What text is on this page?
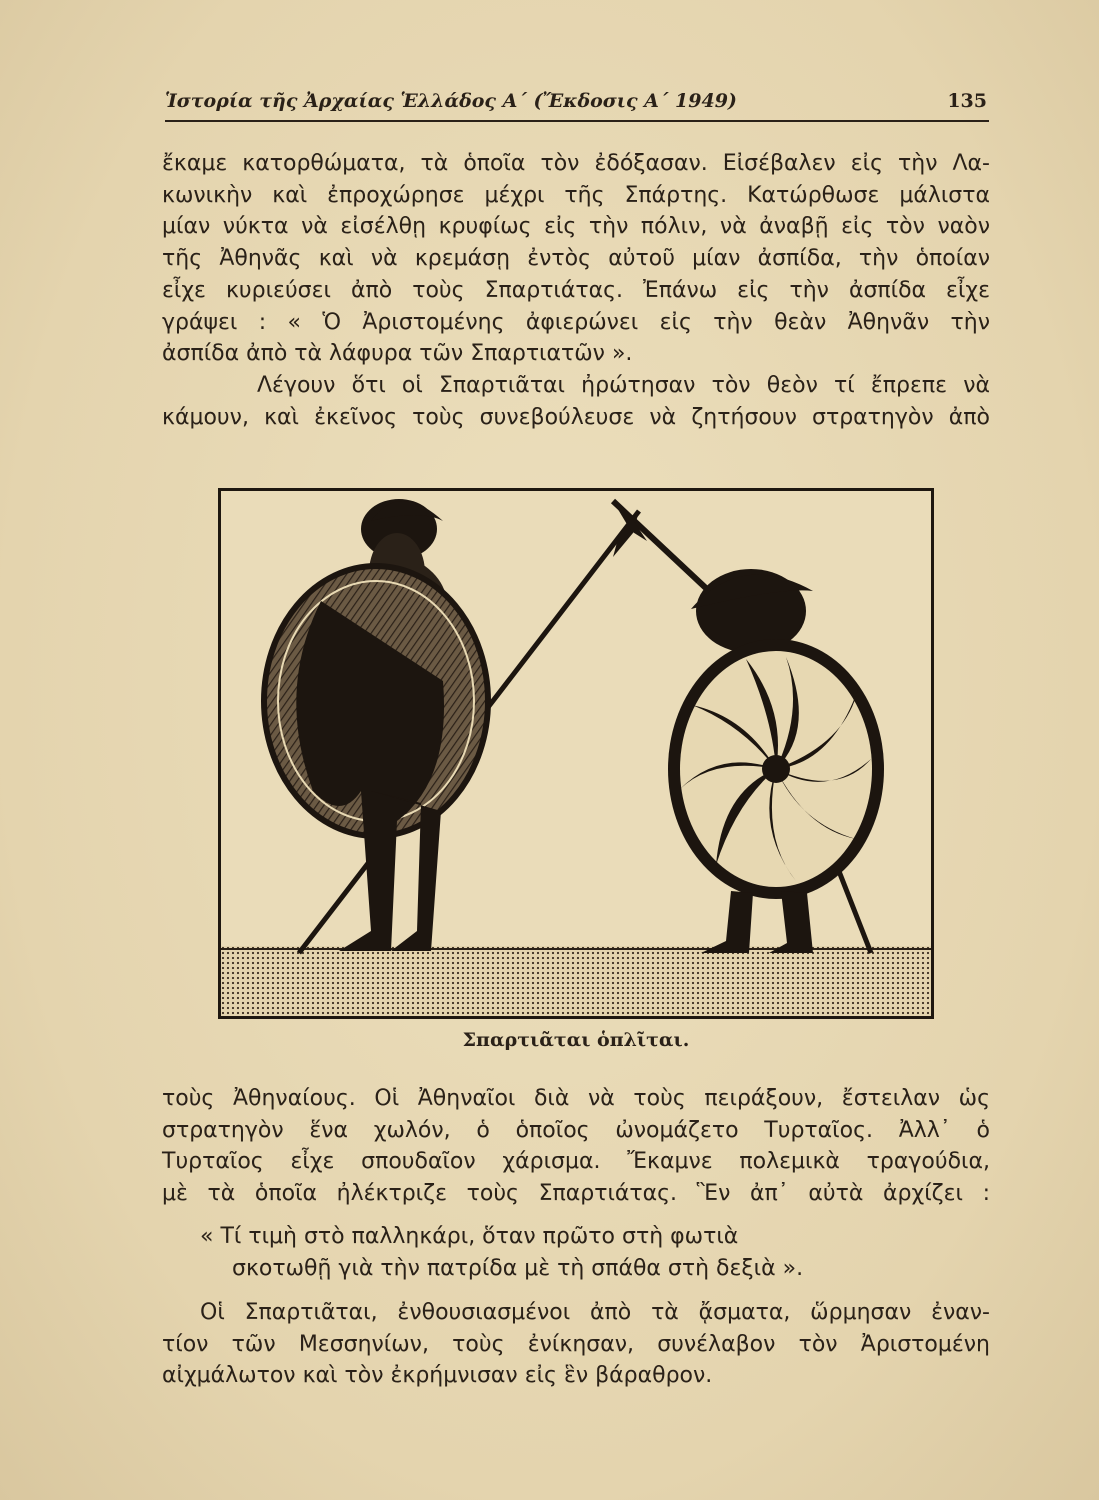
Ἱστορία τῆς Ἀρχαίας Ἑλλάδος Α΄ (Ἔκδοσις Α΄ 1949)	135
ἔκαμε κατορθώματα, τὰ ὁποῖα τὸν ἐδόξασαν. Εἰσέβαλεν εἰς τὴν Λα-
κωνικὴν καὶ ἐπροχώρησε μέχρι τῆς Σπάρτης. Κατώρθωσε μάλιστα
μίαν νύκτα νὰ εἰσέλθῃ κρυφίως εἰς τὴν πόλιν, νὰ ἀναβῇ εἰς τὸν ναὸν
τῆς Ἀθηνᾶς καὶ νὰ κρεμάσῃ ἐντὸς αὐτοῦ μίαν ἀσπίδα, τὴν ὁποίαν
εἶχε κυριεύσει ἀπὸ τοὺς Σπαρτιάτας. Ἐπάνω εἰς τὴν ἀσπίδα εἶχε
γράψει : « Ὁ Ἀριστομένης ἀφιερώνει εἰς τὴν θεὰν Ἀθηνᾶν τὴν
ἀσπίδα ἀπὸ τὰ λάφυρα τῶν Σπαρτιατῶν ».
Λέγουν ὅτι οἱ Σπαρτιᾶται ἠρώτησαν τὸν θεὸν τί ἔπρεπε νὰ
κάμουν, καὶ ἐκεῖνος τοὺς συνεβούλευσε νὰ ζητήσουν στρατηγὸν ἀπὸ
Σπαρτιᾶται ὁπλῖται.
τοὺς Ἀθηναίους. Οἱ Ἀθηναῖοι διὰ νὰ τοὺς πειράξουν, ἔστειλαν ὡς
στρατηγὸν ἕνα χωλόν, ὁ ὁποῖος ὠνομάζετο Τυρταῖος. Ἀλλ᾽ ὁ
Τυρταῖος εἶχε σπουδαῖον χάρισμα. Ἔκαμνε πολεμικὰ τραγούδια,
μὲ τὰ ὁποῖα ἠλέκτριζε τοὺς Σπαρτιάτας. Ἓν ἀπ᾽ αὐτὰ ἀρχίζει :
« Τί τιμὴ στὸ παλληκάρι, ὅταν πρῶτο στὴ φωτιὰ
σκοτωθῇ γιὰ τὴν πατρίδα μὲ τὴ σπάθα στὴ δεξιὰ ».
Οἱ Σπαρτιᾶται, ἐνθουσιασμένοι ἀπὸ τὰ ᾄσματα, ὥρμησαν ἐναν-
τίον τῶν Μεσσηνίων, τοὺς ἐνίκησαν, συνέλαβον τὸν Ἀριστομένη
αἰχμάλωτον καὶ τὸν ἐκρήμνισαν εἰς ἓν βάραθρον.
